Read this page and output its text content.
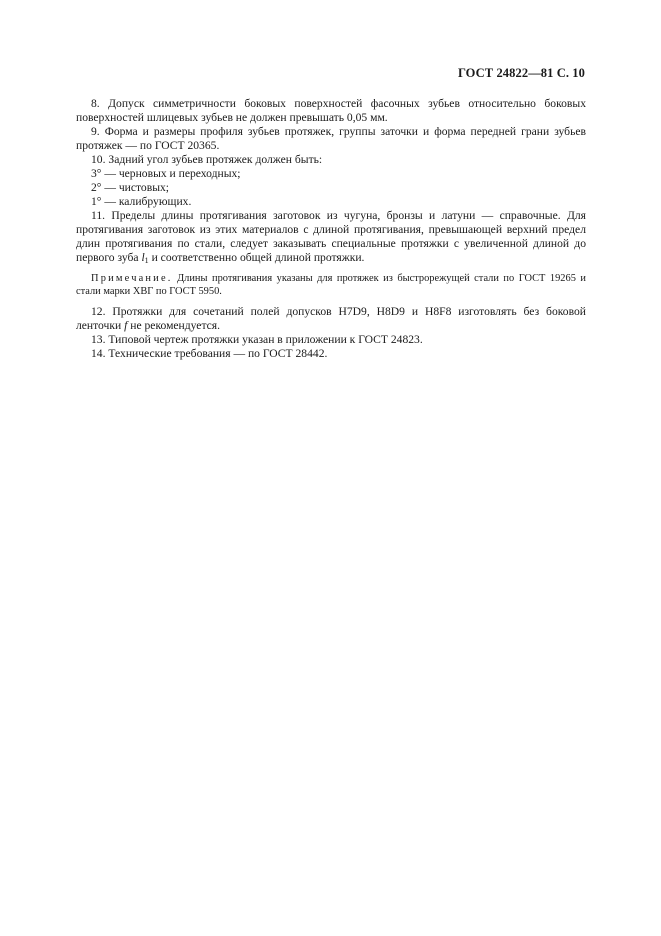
ГОСТ 24822—81 С. 10

8. Допуск симметричности боковых поверхностей фасочных зубьев относительно боковых поверхностей шлицевых зубьев не должен превышать 0,05 мм.

9. Форма и размеры профиля зубьев протяжек, группы заточки и форма передней грани зубьев протяжек — по ГОСТ 20365.

10. Задний угол зубьев протяжек должен быть:

3° — черновых и переходных;

2° — чистовых;

1° — калибрующих.

11. Пределы длины протягивания заготовок из чугуна, бронзы и латуни — справочные. Для протягивания заготовок из этих материалов с длиной протягивания, превышающей верхний предел длин протягивания по стали, следует заказывать специальные протяжки с увеличенной длиной до первого зуба $l_1$ и соответственно общей длиной протяжки.

Примечание. Длины протягивания указаны для протяжек из быстрорежущей стали по ГОСТ 19265 и стали марки ХВГ по ГОСТ 5950.

12. Протяжки для сочетаний полей допусков H7D9, H8D9 и H8F8 изготовлять без боковой ленточки f не рекомендуется.

13. Типовой чертеж протяжки указан в приложении к ГОСТ 24823.

14. Технические требования — по ГОСТ 28442.
